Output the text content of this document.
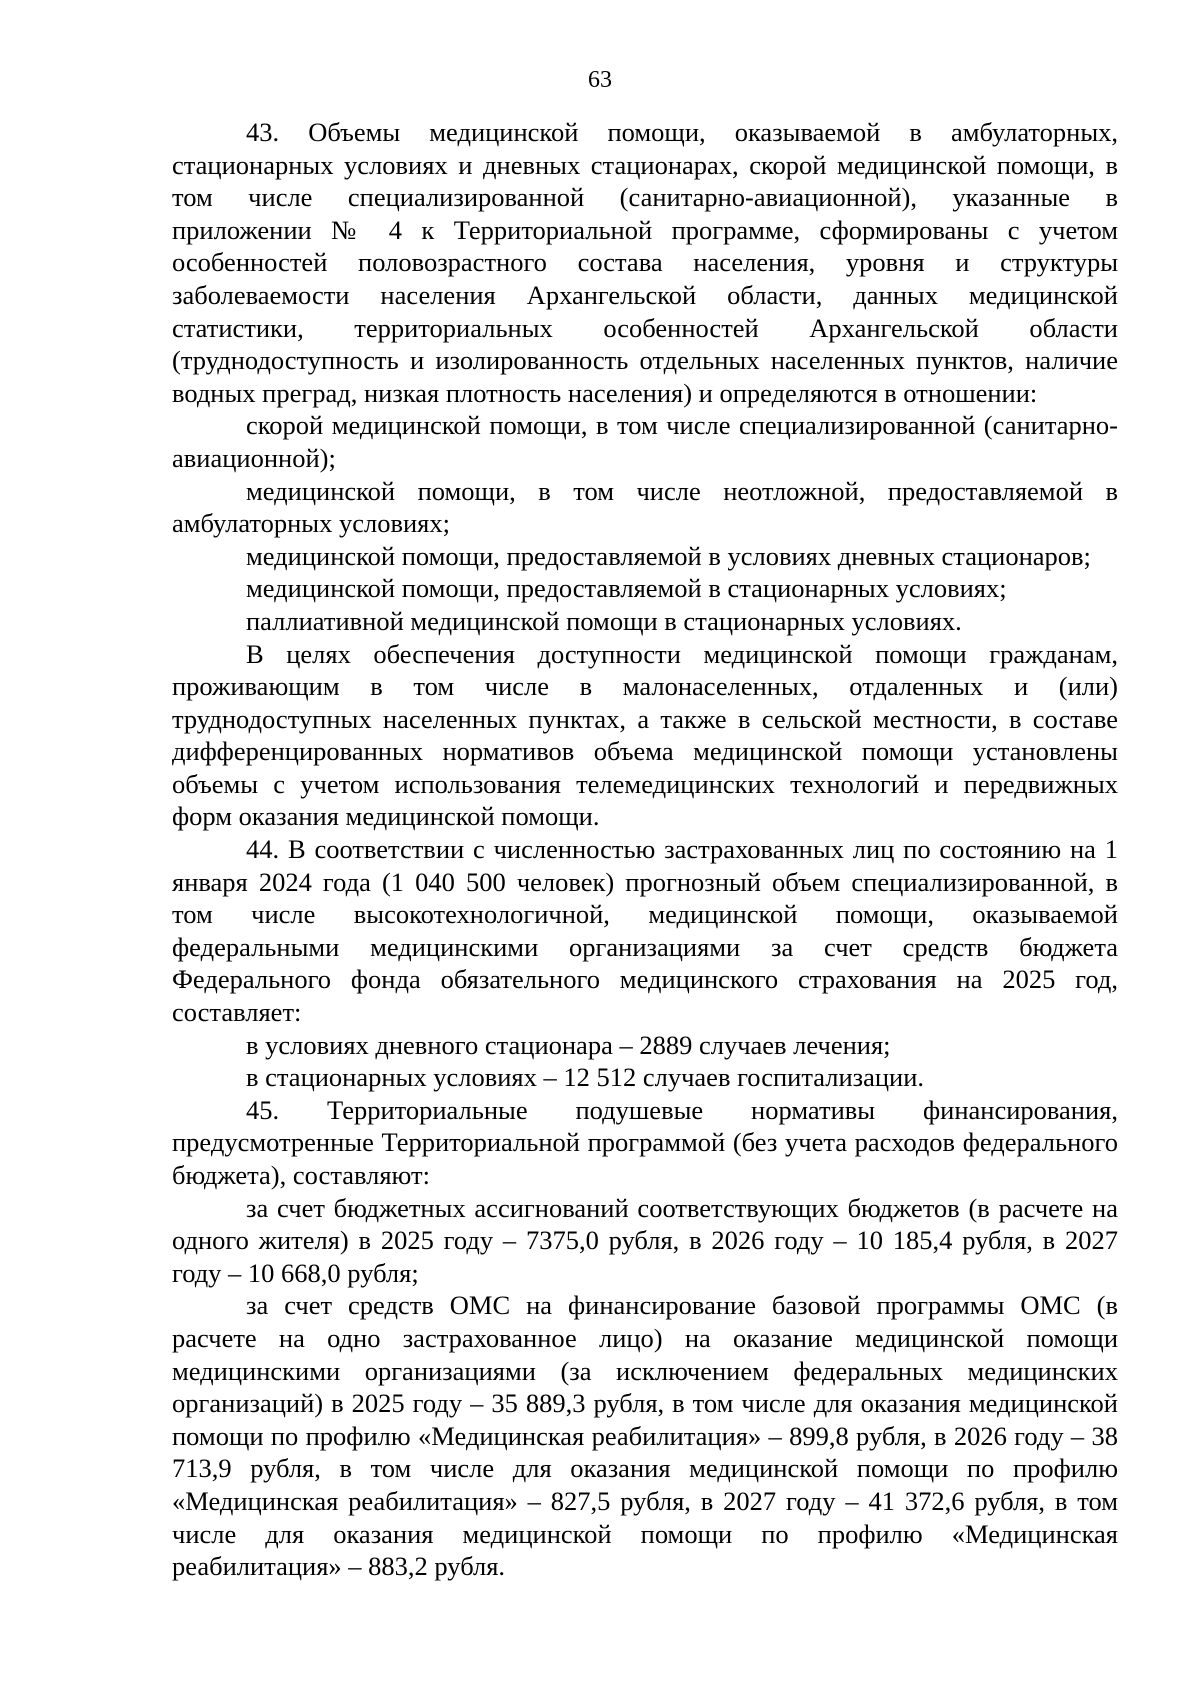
63

43. Объемы медицинской помощи, оказываемой в амбулаторных, стационарных условиях и дневных стационарах, скорой медицинской помощи, в том числе специализированной (санитарно-авиационной), указанные в приложении № 4 к Территориальной программе, сформированы с учетом особенностей половозрастного состава населения, уровня и структуры заболеваемости населения Архангельской области, данных медицинской статистики, территориальных особенностей Архангельской области (труднодоступность и изолированность отдельных населенных пунктов, наличие водных преград, низкая плотность населения) и определяются в отношении:

скорой медицинской помощи, в том числе специализированной (санитарно-авиационной);

медицинской помощи, в том числе неотложной, предоставляемой в амбулаторных условиях;

медицинской помощи, предоставляемой в условиях дневных стационаров;

медицинской помощи, предоставляемой в стационарных условиях;

паллиативной медицинской помощи в стационарных условиях.

В целях обеспечения доступности медицинской помощи гражданам, проживающим в том числе в малонаселенных, отдаленных и (или) труднодоступных населенных пунктах, а также в сельской местности, в составе дифференцированных нормативов объема медицинской помощи установлены объемы с учетом использования телемедицинских технологий и передвижных форм оказания медицинской помощи.

44. В соответствии с численностью застрахованных лиц по состоянию на 1 января 2024 года (1 040 500 человек) прогнозный объем специализированной, в том числе высокотехнологичной, медицинской помощи, оказываемой федеральными медицинскими организациями за счет средств бюджета Федерального фонда обязательного медицинского страхования на 2025 год, составляет:

в условиях дневного стационара – 2889 случаев лечения;

в стационарных условиях – 12 512 случаев госпитализации.

45. Территориальные подушевые нормативы финансирования, предусмотренные Территориальной программой (без учета расходов федерального бюджета), составляют:

за счет бюджетных ассигнований соответствующих бюджетов (в расчете на одного жителя) в 2025 году – 7375,0 рубля, в 2026 году – 10 185,4 рубля, в 2027 году – 10 668,0 рубля;

за счет средств ОМС на финансирование базовой программы ОМС (в расчете на одно застрахованное лицо) на оказание медицинской помощи медицинскими организациями (за исключением федеральных медицинских организаций) в 2025 году – 35 889,3 рубля, в том числе для оказания медицинской помощи по профилю «Медицинская реабилитация» – 899,8 рубля, в 2026 году – 38 713,9 рубля, в том числе для оказания медицинской помощи по профилю «Медицинская реабилитация» – 827,5 рубля, в 2027 году – 41 372,6 рубля, в том числе для оказания медицинской помощи по профилю «Медицинская реабилитация» – 883,2 рубля.
